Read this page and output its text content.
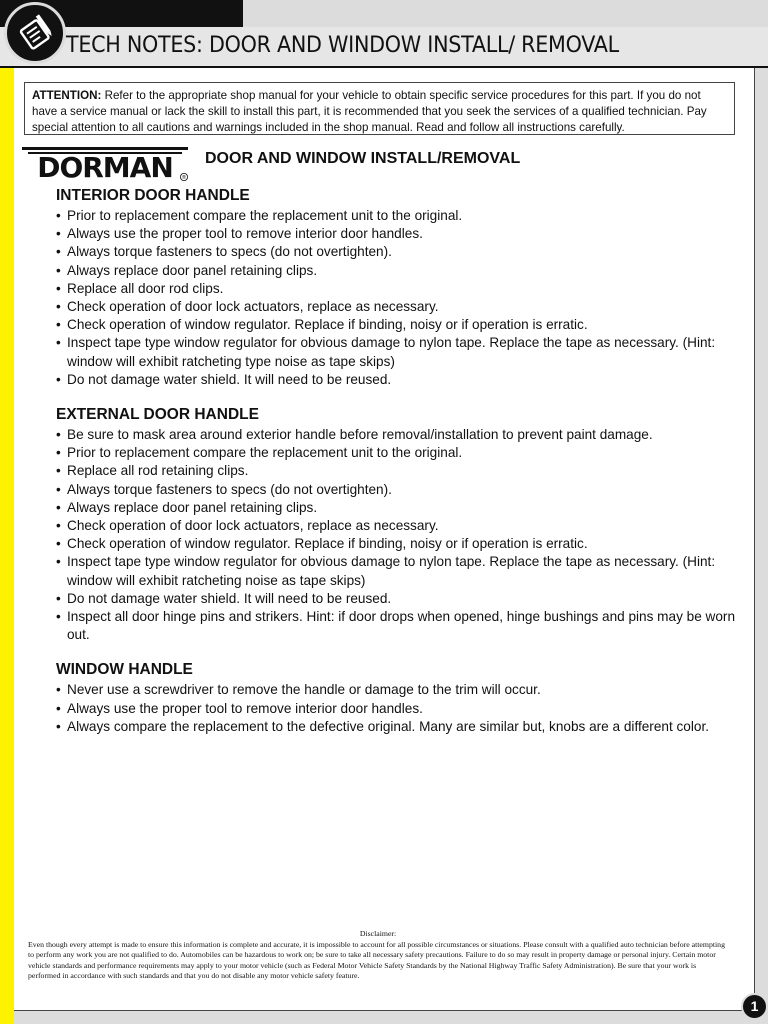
TECH NOTES: DOOR AND WINDOW INSTALL/ REMOVAL
ATTENTION: Refer to the appropriate shop manual for your vehicle to obtain specific service procedures for this part. If you do not have a service manual or lack the skill to install this part, it is recommended that you seek the services of a qualified technician. Pay special attention to all cautions and warnings included in the shop manual. Read and follow all instructions carefully.
DORMAN ®
DOOR AND WINDOW INSTALL/REMOVAL
INTERIOR DOOR HANDLE
• Prior to replacement compare the replacement unit to the original.
• Always use the proper tool to remove interior door handles.
• Always torque fasteners to specs (do not overtighten).
• Always replace door panel retaining clips.
• Replace all door rod clips.
• Check operation of door lock actuators, replace as necessary.
• Check operation of window regulator. Replace if binding, noisy or if operation is erratic.
• Inspect tape type window regulator for obvious damage to nylon tape. Replace the tape as necessary. (Hint: window will exhibit ratcheting type noise as tape skips)
• Do not damage water shield. It will need to be reused.
EXTERNAL DOOR HANDLE
• Be sure to mask area around exterior handle before removal/installation to prevent paint damage.
• Prior to replacement compare the replacement unit to the original.
• Replace all rod retaining clips.
• Always torque fasteners to specs (do not overtighten).
• Always replace door panel retaining clips.
• Check operation of door lock actuators, replace as necessary.
• Check operation of window regulator. Replace if binding, noisy or if operation is erratic.
• Inspect tape type window regulator for obvious damage to nylon tape. Replace the tape as necessary. (Hint: window will exhibit ratcheting noise as tape skips)
• Do not damage water shield. It will need to be reused.
• Inspect all door hinge pins and strikers. Hint: if door drops when opened, hinge bushings and pins may be worn out.
WINDOW HANDLE
• Never use a screwdriver to remove the handle or damage to the trim will occur.
• Always use the proper tool to remove interior door handles.
• Always compare the replacement to the defective original. Many are similar but, knobs are a different color.
Disclaimer:
Even though every attempt is made to ensure this information is complete and accurate, it is impossible to account for all possible circumstances or situations. Please consult with a qualified auto technician before attempting to perform any work you are not qualified to do. Automobiles can be hazardous to work on; be sure to take all necessary safety precautions. Failure to do so may result in property damage or personal injury. Certain motor vehicle standards and performance requirements may apply to your motor vehicle (such as Federal Motor Vehicle Safety Standards by the National Highway Traffic Safety Administration). Be sure that your work is performed in accordance with such standards and that you do not disable any motor vehicle safety feature.
1
